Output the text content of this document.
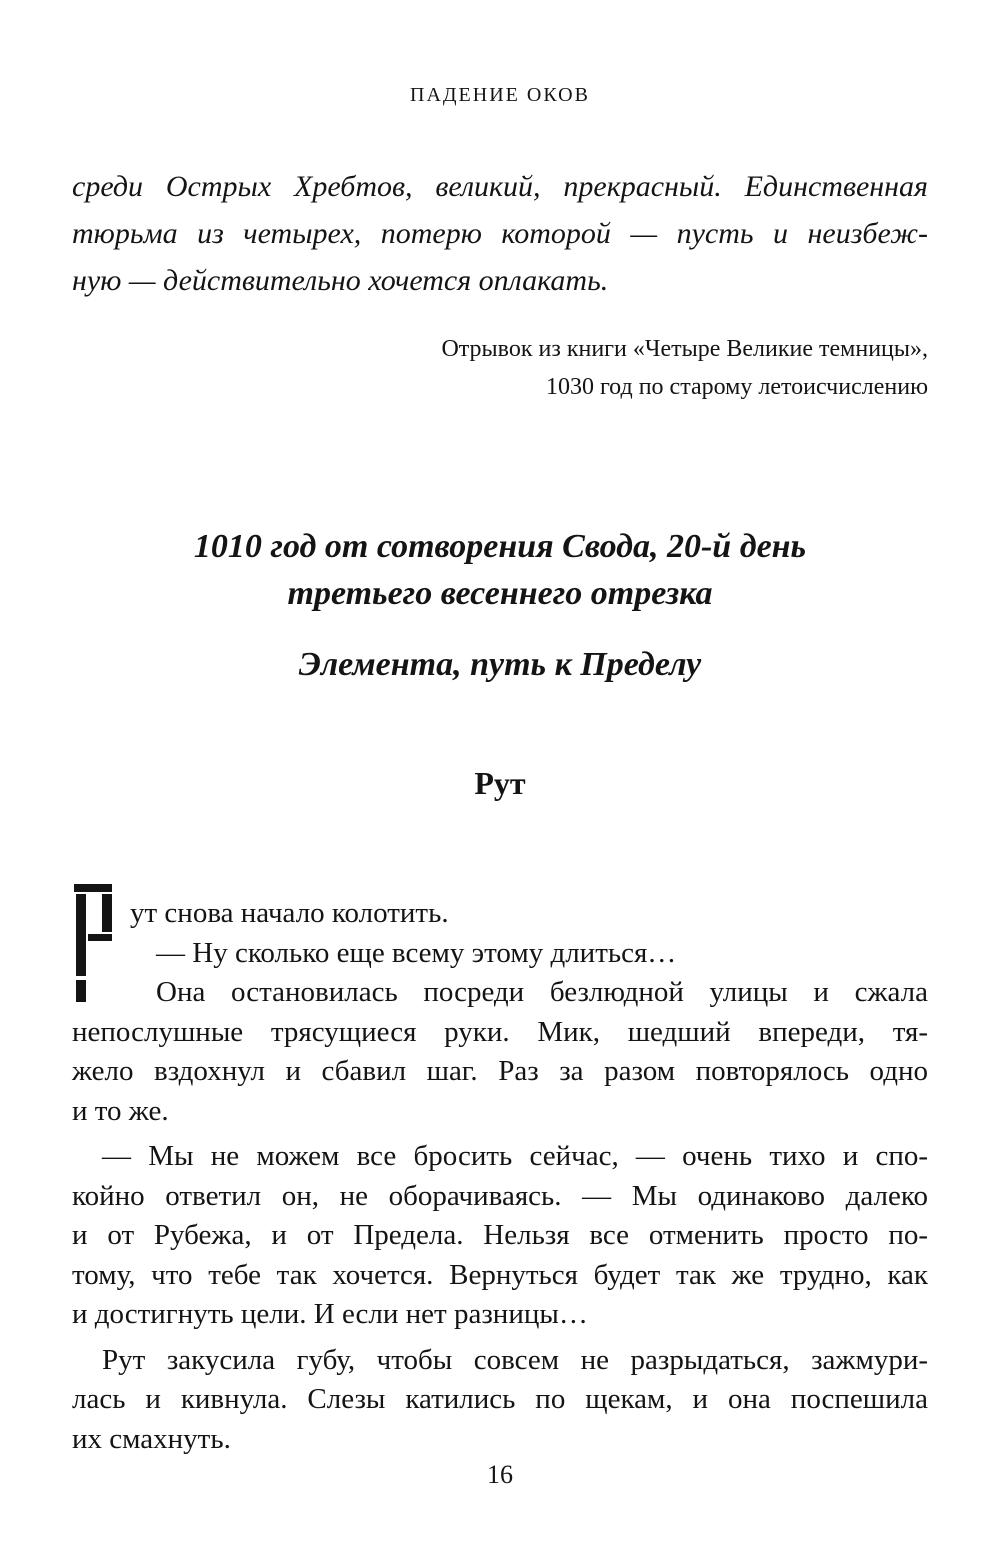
ПАДЕНИЕ ОКОВ
среди Острых Хребтов, великий, прекрасный. Единственная
тюрьма из четырех, потерю которой — пусть и неизбеж-
ную — действительно хочется оплакать.
Отрывок из книги «Четыре Великие темницы»,
1030 год по старому летоисчислению
1010 год от сотворения Свода, 20-й день
третьего весеннего отрезка
Элемента, путь к Пределу
Рут
ут снова начало колотить.
— Ну сколько еще всему этому длиться…
Она остановилась посреди безлюдной улицы и сжала
непослушные трясущиеся руки. Мик, шедший впереди, тя-
жело вздохнул и сбавил шаг. Раз за разом повторялось одно
и то же.
— Мы не можем все бросить сейчас, — очень тихо и спо-
койно ответил он, не оборачиваясь. — Мы одинаково далеко
и от Рубежа, и от Предела. Нельзя все отменить просто по-
тому, что тебе так хочется. Вернуться будет так же трудно, как
и достигнуть цели. И если нет разницы…
Рут закусила губу, чтобы совсем не разрыдаться, зажмури-
лась и кивнула. Слезы катились по щекам, и она поспешила
их смахнуть.
16
